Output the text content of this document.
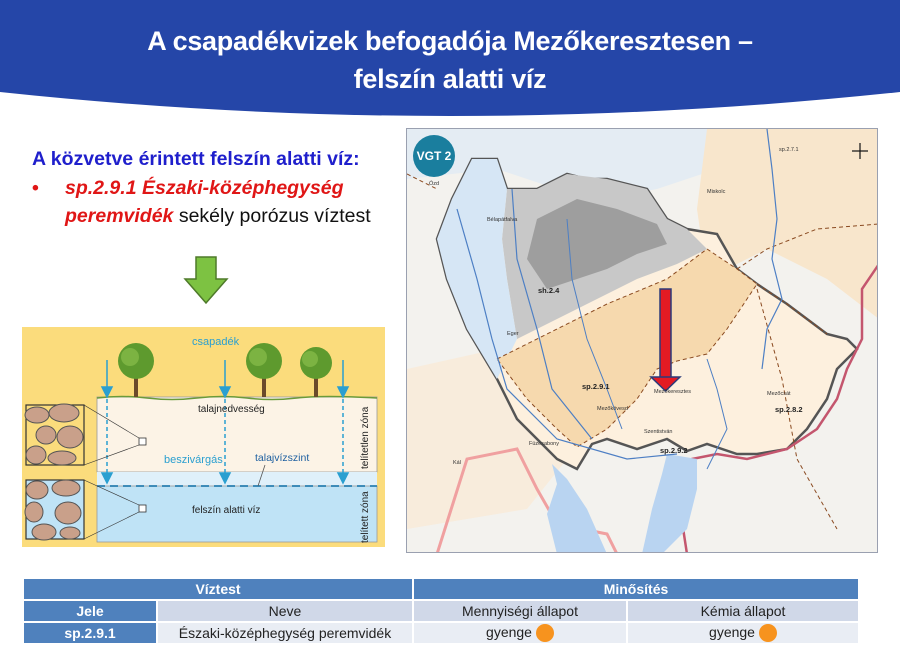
A csapadékvizek befogadója Mezőkeresztesen –
felszín alatti víz
A közvetve érintett felszín alatti víz:
• sp.2.9.1 Északi-középhegység peremvidék sekély porózus víztest
csapadék
talajnedvesség
beszivárgás	talajvízszint
felszín alatti víz
telítetlen zóna
telített zóna
VGT 2
sh.2.4
sp.2.9.1
sp.2.9.2
sp.2.8.2
sp.2.7.1
Mezőkeresztes	Mezőcsát
Szentistván
Füzesabony
Mezőkövesd
Eger
Bélapátfalva
Kál
Ózd
Miskolc
Víztest		Minősítés	
Jele	Neve	Mennyiségi állapot	Kémia állapot
sp.2.9.1	Északi-középhegység peremvidék	gyenge	gyenge
